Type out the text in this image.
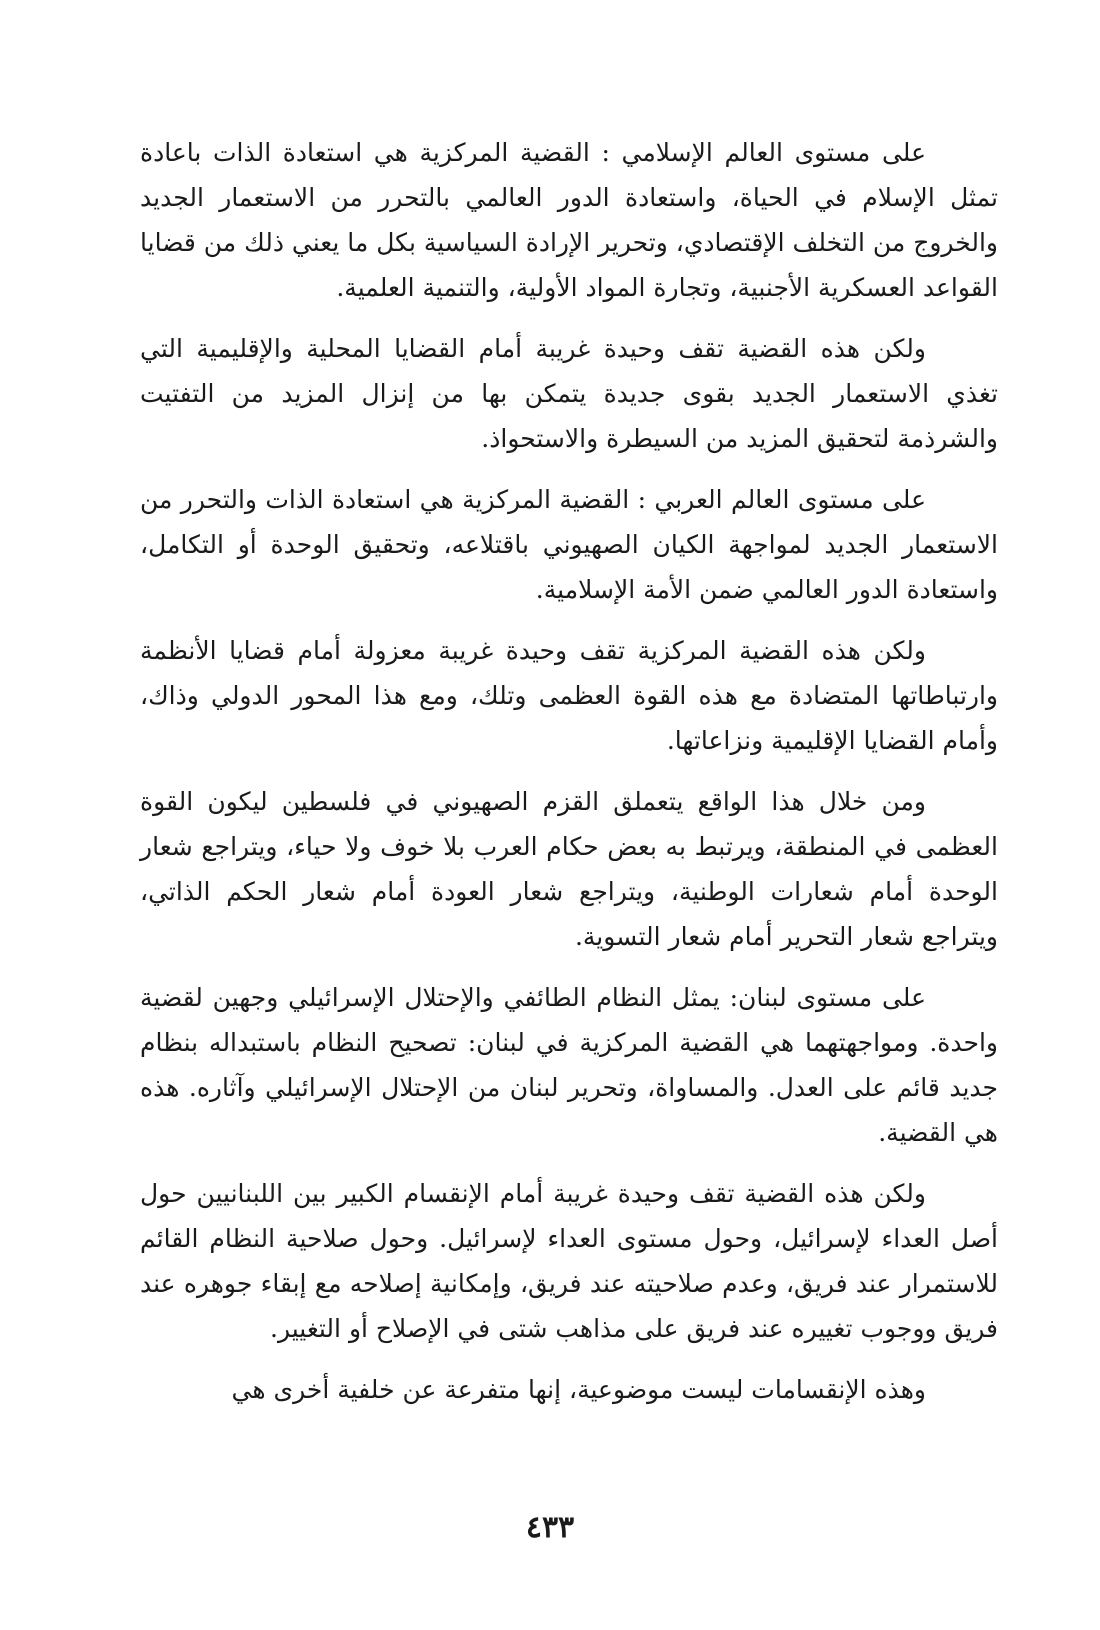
على مستوى العالم الإسلامي : القضية المركزية هي استعادة الذات باعادة تمثل الإسلام في الحياة، واستعادة الدور العالمي بالتحرر من الاستعمار الجديد والخروج من التخلف الإقتصادي، وتحرير الإرادة السياسية بكل ما يعني ذلك من قضايا القواعد العسكرية الأجنبية، وتجارة المواد الأولية، والتنمية العلمية.

ولكن هذه القضية تقف وحيدة غريبة أمام القضايا المحلية والإقليمية التي تغذي الاستعمار الجديد بقوى جديدة يتمكن بها من إنزال المزيد من التفتيت والشرذمة لتحقيق المزيد من السيطرة والاستحواذ.

على مستوى العالم العربي : القضية المركزية هي استعادة الذات والتحرر من الاستعمار الجديد لمواجهة الكيان الصهيوني باقتلاعه، وتحقيق الوحدة أو التكامل، واستعادة الدور العالمي ضمن الأمة الإسلامية.

ولكن هذه القضية المركزية تقف وحيدة غريبة معزولة أمام قضايا الأنظمة وارتباطاتها المتضادة مع هذه القوة العظمى وتلك، ومع هذا المحور الدولي وذاك، وأمام القضايا الإقليمية ونزاعاتها.

ومن خلال هذا الواقع يتعملق القزم الصهيوني في فلسطين ليكون القوة العظمى في المنطقة، ويرتبط به بعض حكام العرب بلا خوف ولا حياء، ويتراجع شعار الوحدة أمام شعارات الوطنية، ويتراجع شعار العودة أمام شعار الحكم الذاتي، ويتراجع شعار التحرير أمام شعار التسوية.

على مستوى لبنان: يمثل النظام الطائفي والإحتلال الإسرائيلي وجهين لقضية واحدة. ومواجهتهما هي القضية المركزية في لبنان: تصحيح النظام باستبداله بنظام جديد قائم على العدل. والمساواة، وتحرير لبنان من الإحتلال الإسرائيلي وآثاره. هذه هي القضية.

ولكن هذه القضية تقف وحيدة غريبة أمام الإنقسام الكبير بين اللبنانيين حول أصل العداء لإسرائيل، وحول مستوى العداء لإسرائيل. وحول صلاحية النظام القائم للاستمرار عند فريق، وعدم صلاحيته عند فريق، وإمكانية إصلاحه مع إبقاء جوهره عند فريق ووجوب تغييره عند فريق على مذاهب شتى في الإصلاح أو التغيير.

وهذه الإنقسامات ليست موضوعية، إنها متفرعة عن خلفية أخرى هي

٤٣٣
